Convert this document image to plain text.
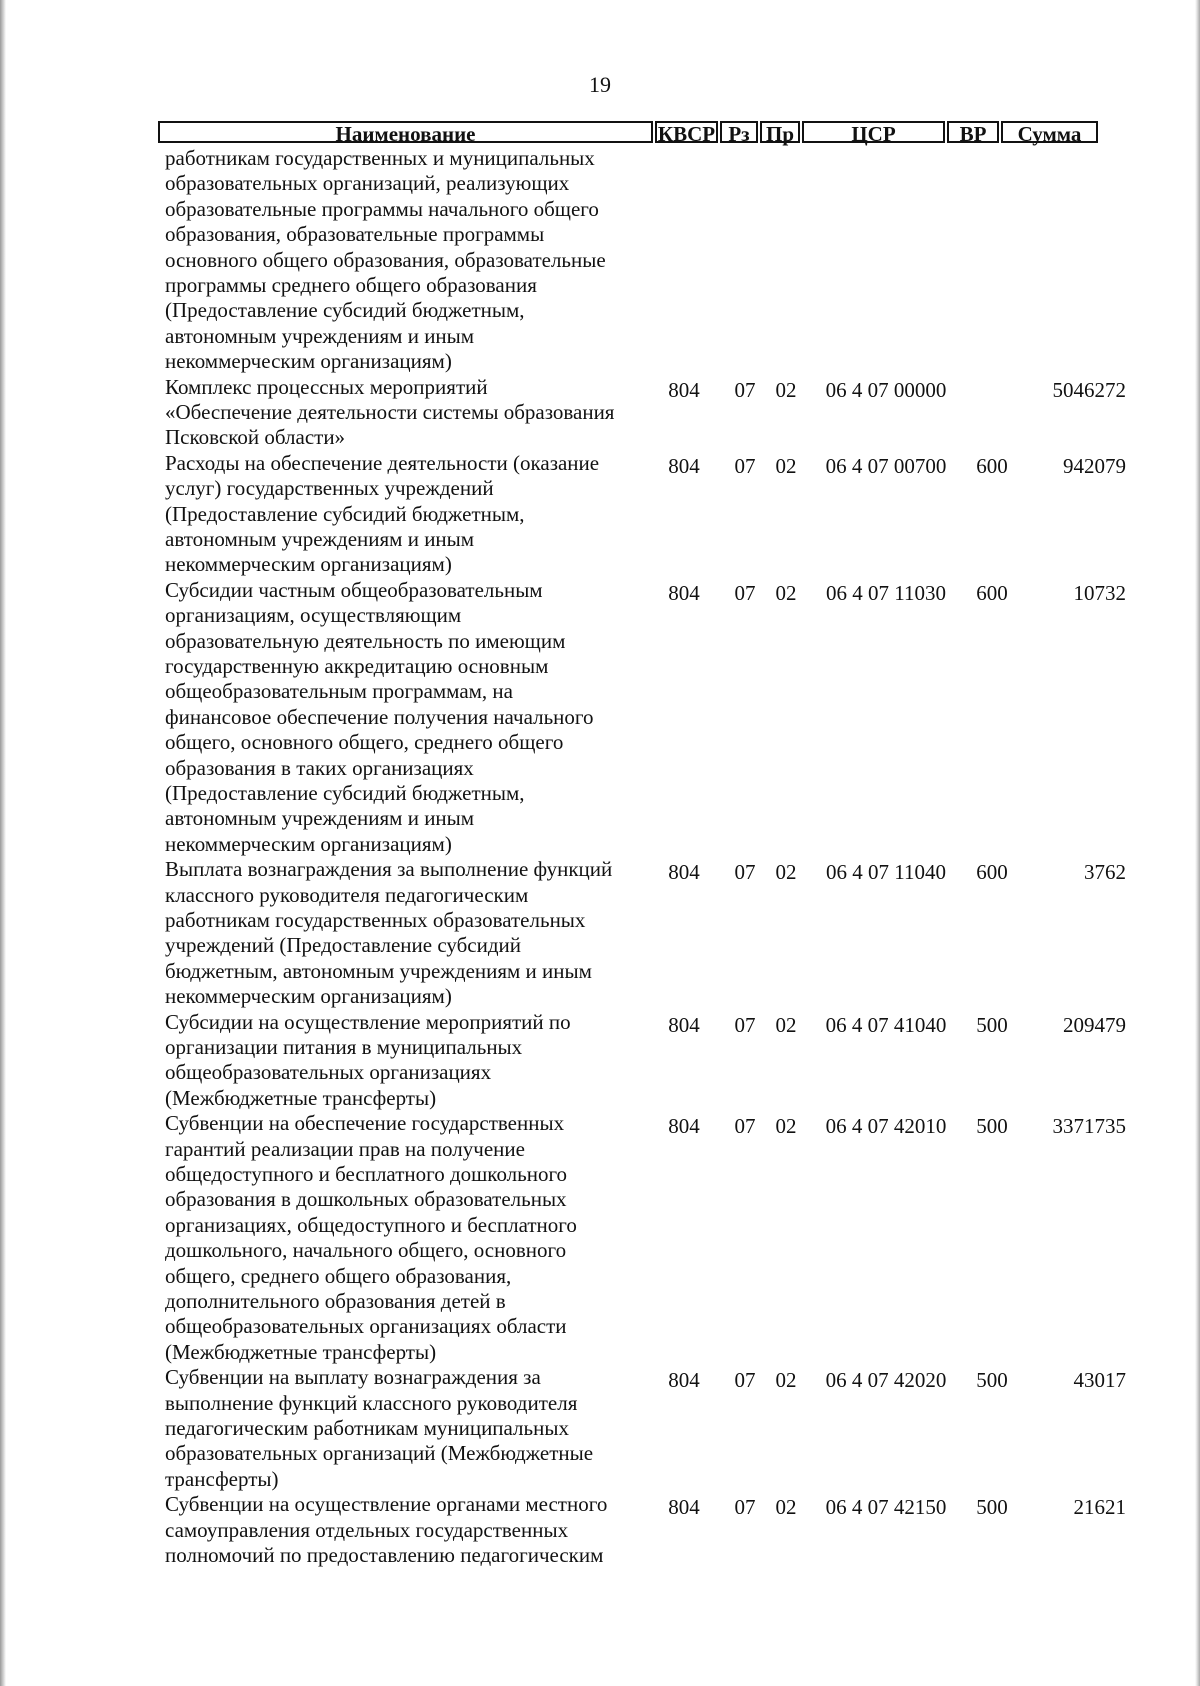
19
Наименование	КВСР Рз Пр	ЦСР	ВР	Сумма
работникам государственных и муниципальных
образовательных организаций, реализующих
образовательные программы начального общего
образования, образовательные программы
основного общего образования, образовательные
программы среднего общего образования
(Предоставление субсидий бюджетным,
автономным учреждениям и иным
некоммерческим организациям)
Комплекс процессных мероприятий
«Обеспечение деятельности системы образования
Псковской области»
804 07 02 06 4 07 00000	5046272
Расходы на обеспечение деятельности (оказание
услуг) государственных учреждений
(Предоставление субсидий бюджетным,
автономным учреждениям и иным
некоммерческим организациям)
804 07 02 06 4 07 00700 600	942079
Субсидии частным общеобразовательным
организациям, осуществляющим
образовательную деятельность по имеющим
государственную аккредитацию основным
общеобразовательным программам, на
финансовое обеспечение получения начального
общего, основного общего, среднего общего
образования в таких организациях
(Предоставление субсидий бюджетным,
автономным учреждениям и иным
некоммерческим организациям)
804 07 02 06 4 07 11030 600	10732
Выплата вознаграждения за выполнение функций
классного руководителя педагогическим
работникам государственных образовательных
учреждений (Предоставление субсидий
бюджетным, автономным учреждениям и иным
некоммерческим организациям)
804 07 02 06 4 07 11040 600	3762
Субсидии на осуществление мероприятий по
организации питания в муниципальных
общеобразовательных организациях
(Межбюджетные трансферты)
804 07 02 06 4 07 41040 500	209479
Субвенции на обеспечение государственных
гарантий реализации прав на получение
общедоступного и бесплатного дошкольного
образования в дошкольных образовательных
организациях, общедоступного и бесплатного
дошкольного, начального общего, основного
общего, среднего общего образования,
дополнительного образования детей в
общеобразовательных организациях области
(Межбюджетные трансферты)
804 07 02 06 4 07 42010 500 3371735
Субвенции на выплату вознаграждения за
выполнение функций классного руководителя
педагогическим работникам муниципальных
образовательных организаций (Межбюджетные
трансферты)
804 07 02 06 4 07 42020 500	43017
Субвенции на осуществление органами местного
самоуправления отдельных государственных
полномочий по предоставлению педагогическим
804 07 02 06 4 07 42150 500	21621
